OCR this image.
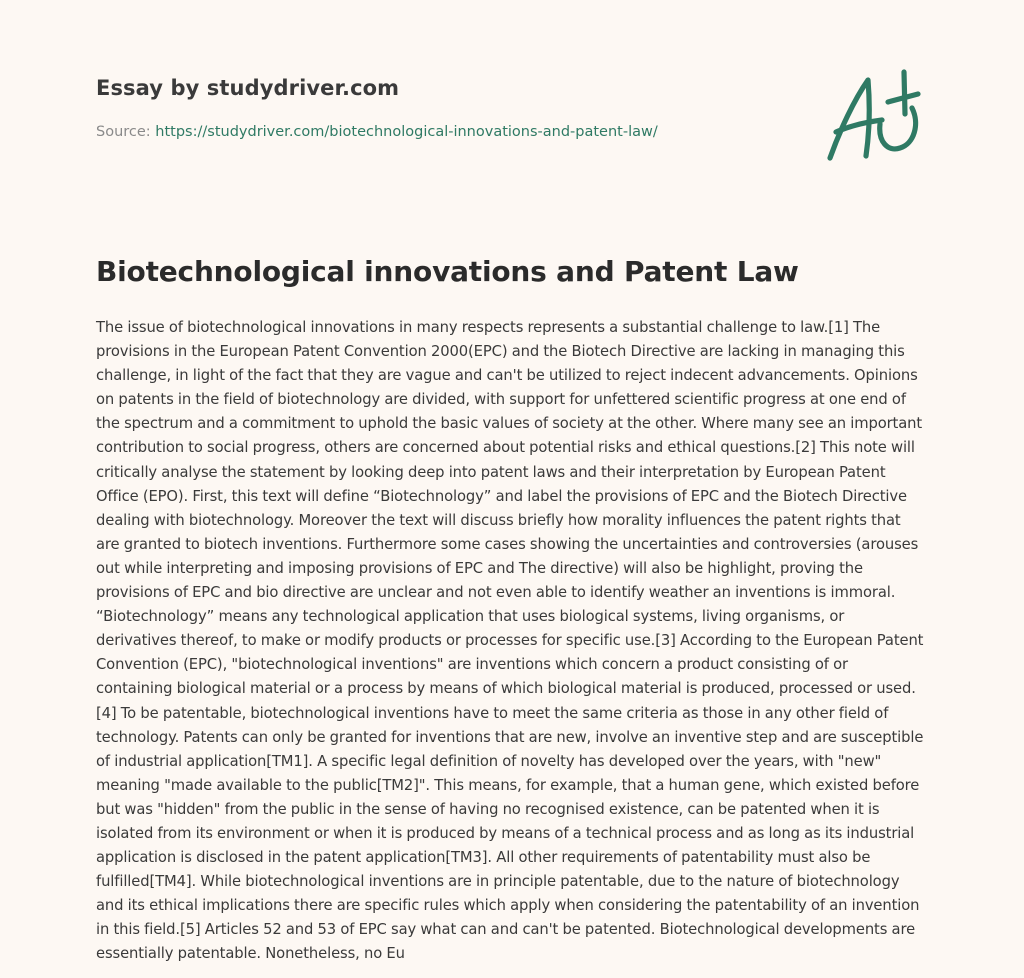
Essay by studydriver.com
Source: https://studydriver.com/biotechnological-innovations-and-patent-law/
Biotechnological innovations and Patent Law

The issue of biotechnological innovations in many respects represents a substantial challenge to law.[1] The provisions in the European Patent Convention 2000(EPC) and the Biotech Directive are lacking in managing this challenge, in light of the fact that they are vague and can't be utilized to reject indecent advancements. Opinions on patents in the field of biotechnology are divided, with support for unfettered scientific progress at one end of the spectrum and a commitment to uphold the basic values of society at the other. Where many see an important contribution to social progress, others are concerned about potential risks and ethical questions.[2] This note will critically analyse the statement by looking deep into patent laws and their interpretation by European Patent Office (EPO). First, this text will define “Biotechnology” and label the provisions of EPC and the Biotech Directive dealing with biotechnology. Moreover the text will discuss briefly how morality influences the patent rights that are granted to biotech inventions. Furthermore some cases showing the uncertainties and controversies (arouses out while interpreting and imposing provisions of EPC and The directive) will also be highlight, proving the provisions of EPC and bio directive are unclear and not even able to identify weather an inventions is immoral. “Biotechnology” means any technological application that uses biological systems, living organisms, or derivatives thereof, to make or modify products or processes for specific use.[3] According to the European Patent Convention (EPC), "biotechnological inventions" are inventions which concern a product consisting of or containing biological material or a process by means of which biological material is produced, processed or used.[4] To be patentable, biotechnological inventions have to meet the same criteria as those in any other field of technology. Patents can only be granted for inventions that are new, involve an inventive step and are susceptible of industrial application[TM1]. A specific legal definition of novelty has developed over the years, with "new" meaning "made available to the public[TM2]". This means, for example, that a human gene, which existed before but was "hidden" from the public in the sense of having no recognised existence, can be patented when it is isolated from its environment or when it is produced by means of a technical process and as long as its industrial application is disclosed in the patent application[TM3]. All other requirements of patentability must also be fulfilled[TM4]. While biotechnological inventions are in principle patentable, due to the nature of biotechnology and its ethical implications there are specific rules which apply when considering the patentability of an invention in this field.[5] Articles 52 and 53 of EPC say what can and can't be patented. Biotechnological developments are essentially patentable. Nonetheless, no Eu
